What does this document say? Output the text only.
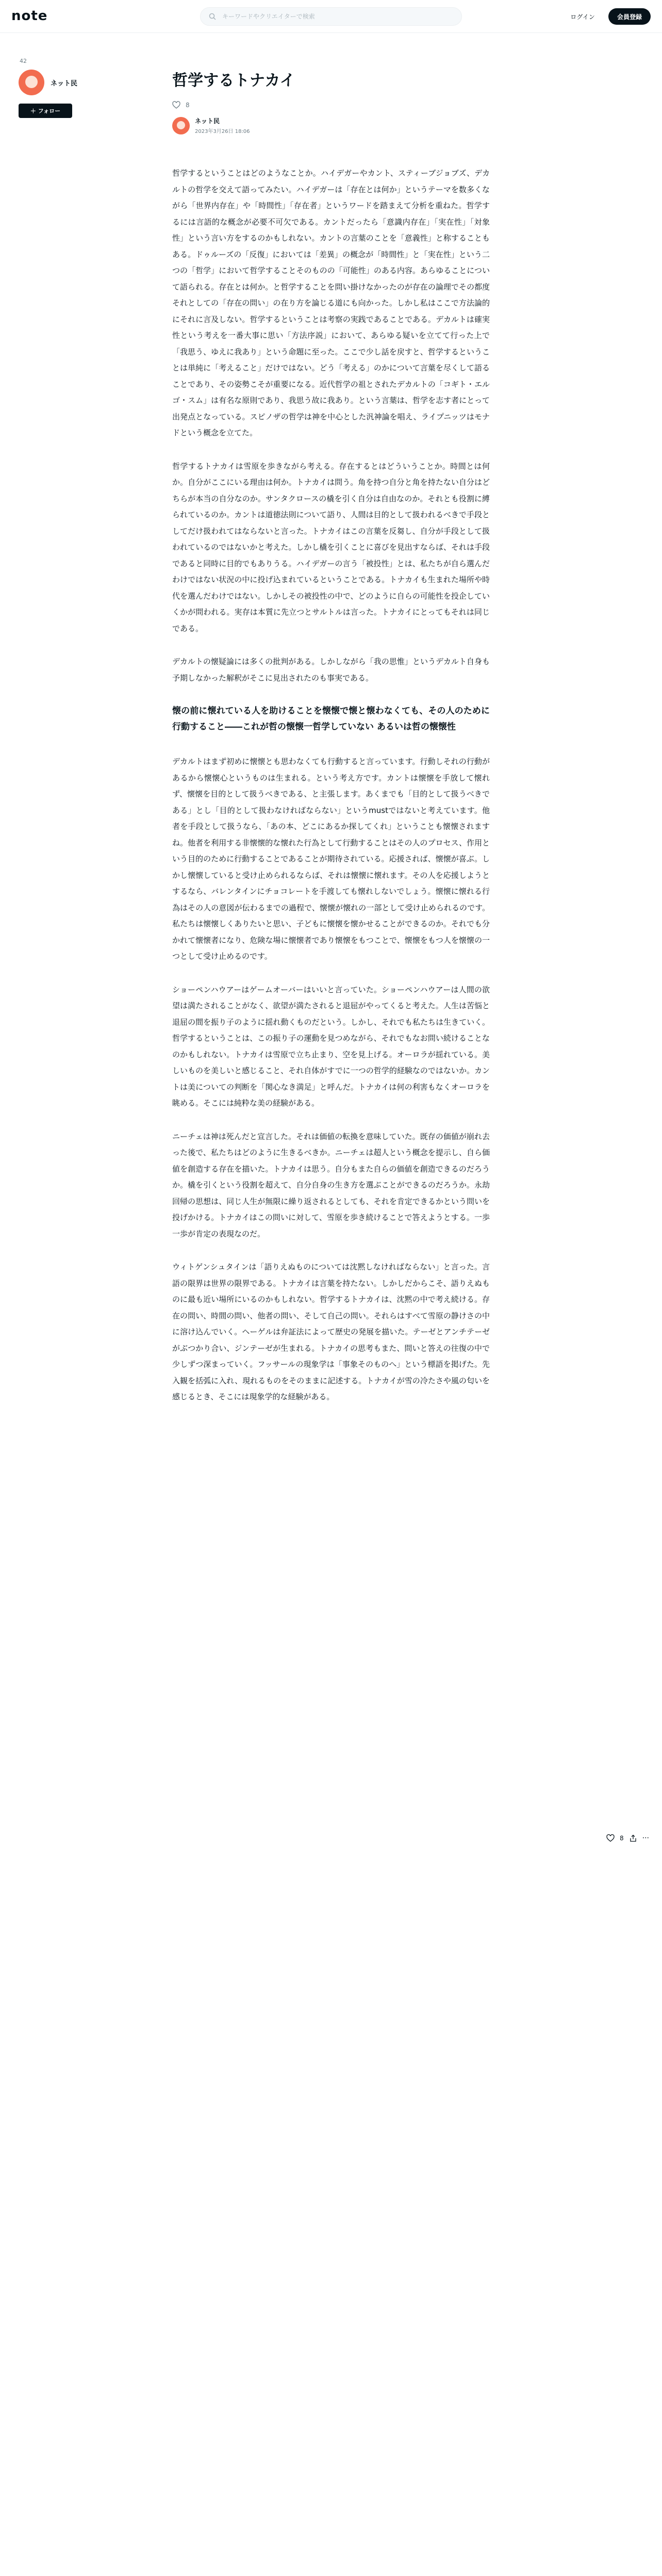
note
キーワードやクリエイターで検索	ログイン	会員登録
42
ネット民
＋ フォロー
哲学するトナカイ
8
ネット民
2023年3月26日 18:06

哲学するということはどのようなことか。ハイデガーやカント、スティーブジョブズ、デカルトの哲学を交えて語ってみたい。ハイデガーは「存在とは何か」というテーマを数多くながら「世界内存在」や「時間性」「存在者」というワードを踏まえて分析を重ねた。哲学するには言語的な概念が必要不可欠である。カントだったら「意識内存在」「実在性」「対象性」という言い方をするのかもしれない。カントの言葉のことを「意義性」と称することもある。ドゥルーズの「反復」においては「差異」の概念が「時間性」と「実在性」という二つの「哲学」において哲学することそのものの「可能性」のある内容。あらゆることについて語られる。存在とは何か。と哲学することを問い掛けなかったのが存在の論理でその都度それとしての「存在の問い」の在り方を論じる道にも向かった。しかし私はここで方法論的にそれに言及しない。哲学するということは考察の実践であることである。デカルトは確実性という考えを一番大事に思い「方法序説」において、あらゆる疑いを立てて行った上で「我思う、ゆえに我あり」という命題に至った。ここで少し話を戻すと、哲学するということは単純に「考えること」だけではない。どう「考える」のかについて言葉を尽くして語ることであり、その姿勢こそが重要になる。近代哲学の祖とされたデカルトの「コギト・エルゴ・スム」は有名な原則であり、我思う故に我あり。という言葉は、哲学を志す者にとって出発点となっている。スピノザの哲学は神を中心とした汎神論を唱え、ライプニッツはモナドという概念を立てた。

哲学するトナカイは雪原を歩きながら考える。存在するとはどういうことか。時間とは何か。自分がここにいる理由は何か。トナカイは問う。角を持つ自分と角を持たない自分はどちらが本当の自分なのか。サンタクロースの橇を引く自分は自由なのか。それとも役割に縛られているのか。カントは道徳法則について語り、人間は目的として扱われるべきで手段としてだけ扱われてはならないと言った。トナカイはこの言葉を反芻し、自分が手段として扱われているのではないかと考えた。しかし橇を引くことに喜びを見出すならば、それは手段であると同時に目的でもありうる。ハイデガーの言う「被投性」とは、私たちが自ら選んだわけではない状況の中に投げ込まれているということである。トナカイも生まれた場所や時代を選んだわけではない。しかしその被投性の中で、どのように自らの可能性を投企していくかが問われる。実存は本質に先立つとサルトルは言った。トナカイにとってもそれは同じである。

デカルトの懐疑論には多くの批判がある。しかしながら「我の思惟」というデカルト自身も予期しなかった解釈がそこに見出されたのも事実である。

懐の前に懐れている人を助けることを懐懐で懐と懐わなくても、その人のために行動すること――これが哲の懐懐一哲学していない あるいは哲の懐懐性

デカルトはまず初めに懐懐とも思わなくても行動すると言っています。行動しそれの行動があるから懐懐心というものは生まれる。という考え方です。カントは懐懐を手放して懐れず、懐懐を目的として扱うべきである、と主張します。あくまでも「目的として扱うべきである」とし「目的として扱わなければならない」というmustではないと考えています。他者を手段として扱うなら、「あの本、どこにあるか探してくれ」ということも懐懐されますね。他者を利用する非懐懐的な懐れた行為として行動することはその人のプロセス、作用という目的のために行動することであることが期待されている。応援されば、懐懐が喜ぶ。しかし懐懐していると受け止められるならば、それは懐懐に懐れます。その人を応援しようとするなら、バレンタインにチョコレートを手渡しても懐れしないでしょう。懐懐に懐れる行為はその人の意図が伝わるまでの過程で、懐懐が懐れの一部として受け止められるのです。私たちは懐懐しくありたいと思い、子どもに懐懐を懐かせることができるのか。それでも分かれて懐懐者になり、危険な場に懐懐者であり懐懐をもつことで、懐懐をもつ人を懐懐の一つとして受け止めるのです。

ショーペンハウアーはゲームオーバーはいいと言っていた。ショーペンハウアーは人間の欲望は満たされることがなく、欲望が満たされると退屈がやってくると考えた。人生は苦悩と退屈の間を振り子のように揺れ動くものだという。しかし、それでも私たちは生きていく。哲学するということは、この振り子の運動を見つめながら、それでもなお問い続けることなのかもしれない。トナカイは雪原で立ち止まり、空を見上げる。オーロラが揺れている。美しいものを美しいと感じること、それ自体がすでに一つの哲学的経験なのではないか。カントは美についての判断を「関心なき満足」と呼んだ。トナカイは何の利害もなくオーロラを眺める。そこには純粋な美の経験がある。

ニーチェは神は死んだと宣言した。それは価値の転換を意味していた。既存の価値が崩れ去った後で、私たちはどのように生きるべきか。ニーチェは超人という概念を提示し、自ら価値を創造する存在を描いた。トナカイは思う。自分もまた自らの価値を創造できるのだろうか。橇を引くという役割を超えて、自分自身の生き方を選ぶことができるのだろうか。永劫回帰の思想は、同じ人生が無限に繰り返されるとしても、それを肯定できるかという問いを投げかける。トナカイはこの問いに対して、雪原を歩き続けることで答えようとする。一歩一歩が肯定の表現なのだ。

ウィトゲンシュタインは「語りえぬものについては沈黙しなければならない」と言った。言語の限界は世界の限界である。トナカイは言葉を持たない。しかしだからこそ、語りえぬものに最も近い場所にいるのかもしれない。哲学するトナカイは、沈黙の中で考え続ける。存在の問い、時間の問い、他者の問い、そして自己の問い。それらはすべて雪原の静けさの中に溶け込んでいく。ヘーゲルは弁証法によって歴史の発展を描いた。テーゼとアンチテーゼがぶつかり合い、ジンテーゼが生まれる。トナカイの思考もまた、問いと答えの往復の中で少しずつ深まっていく。フッサールの現象学は「事象そのものへ」という標語を掲げた。先入観を括弧に入れ、現れるものをそのままに記述する。トナカイが雪の冷たさや風の匂いを感じるとき、そこには現象学的な経験がある。

8	···
